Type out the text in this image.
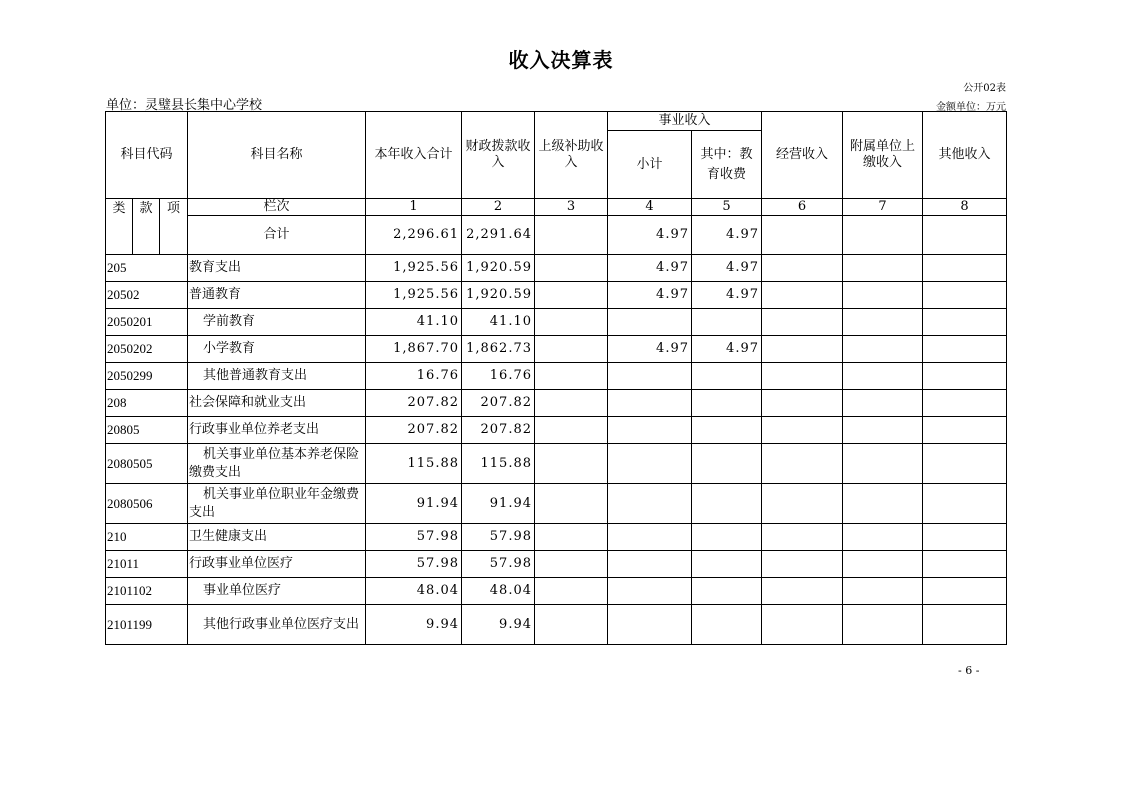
收入决算表
公开02表
单位：灵璧县长集中心学校	金额单位：万元
科目代码			科目名称	本年收入合计	财政拨款收入	上级补助收入	事业收入		经营收入	附属单位上缴收入	其他收入
							小计	其中：教育收费			
类	款	项	栏次	1	2	3	4	5	6	7	8
			合计	2,296.61	2,291.64		4.97	4.97			
205			教育支出	1,925.56	1,920.59		4.97	4.97			
20502			普通教育	1,925.56	1,920.59		4.97	4.97			
2050201			学前教育	41.10	41.10						
2050202			小学教育	1,867.70	1,862.73		4.97	4.97			
2050299			其他普通教育支出	16.76	16.76						
208			社会保障和就业支出	207.82	207.82						
20805			行政事业单位养老支出	207.82	207.82						
2080505			机关事业单位基本养老保险缴费支出	115.88	115.88						
2080506			机关事业单位职业年金缴费支出	91.94	91.94						
210			卫生健康支出	57.98	57.98						
21011			行政事业单位医疗	57.98	57.98						
2101102			事业单位医疗	48.04	48.04						
2101199			其他行政事业单位医疗支出	9.94	9.94						
- 6 -
